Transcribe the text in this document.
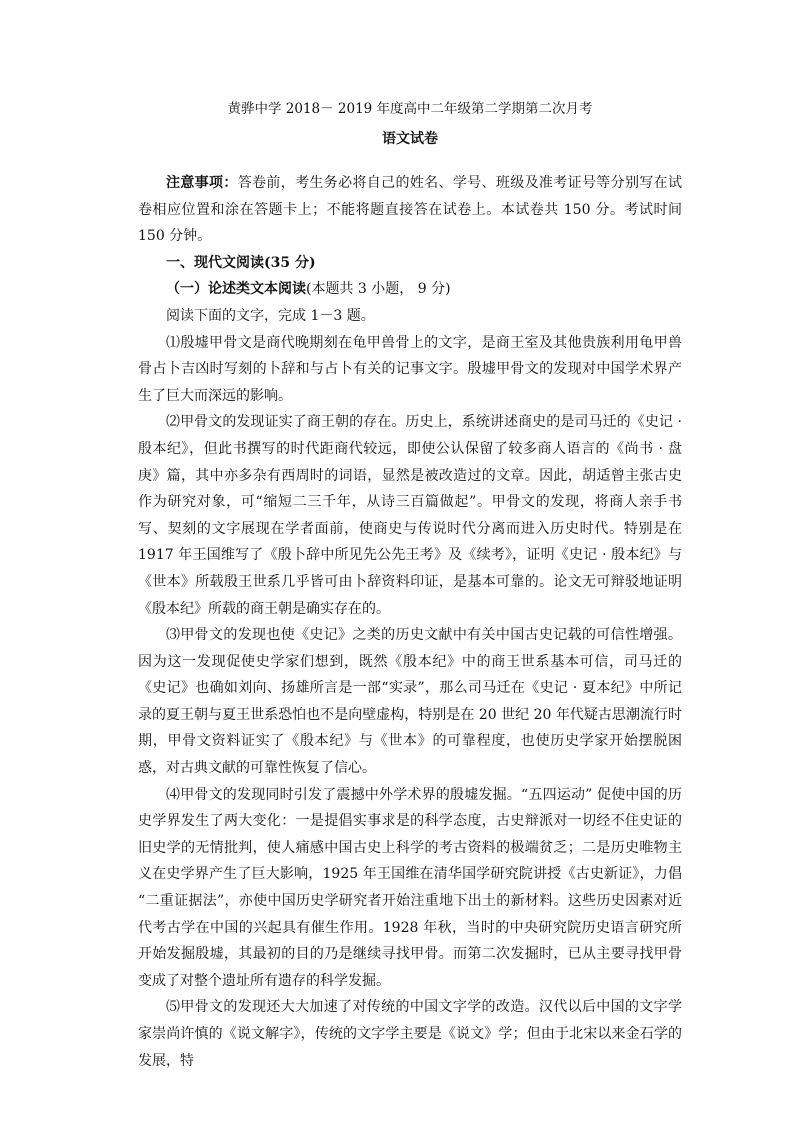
黄骅中学 2018－ 2019 年度高中二年级第二学期第二次月考
语文试卷

注意事项：答卷前，考生务必将自己的姓名、学号、班级及准考证号等分别写在试卷相应位置和涂在答题卡上；不能将题直接答在试卷上。本试卷共 150 分。考试时间 150 分钟。

一、现代文阅读(35 分)

（一）论述类文本阅读(本题共 3 小题， 9 分)

阅读下面的文字，完成 1－3 题。

⑴殷墟甲骨文是商代晚期刻在龟甲兽骨上的文字，是商王室及其他贵族利用龟甲兽骨占卜吉凶时写刻的卜辞和与占卜有关的记事文字。殷墟甲骨文的发现对中国学术界产生了巨大而深远的影响。

⑵甲骨文的发现证实了商王朝的存在。历史上，系统讲述商史的是司马迁的《史记 · 殷本纪》，但此书撰写的时代距商代较远，即使公认保留了较多商人语言的《尚书 · 盘庚》篇，其中亦多杂有西周时的词语，显然是被改造过的文章。因此，胡适曾主张古史作为研究对象，可“缩短二三千年，从诗三百篇做起”。甲骨文的发现，将商人亲手书写、契刻的文字展现在学者面前，使商史与传说时代分离而进入历史时代。特别是在 1917 年王国维写了《殷卜辞中所见先公先王考》及《续考》，证明《史记 · 殷本纪》与《世本》所载殷王世系几乎皆可由卜辞资料印证，是基本可靠的。论文无可辩驳地证明《殷本纪》所载的商王朝是确实存在的。

⑶甲骨文的发现也使《史记》之类的历史文献中有关中国古史记载的可信性增强。因为这一发现促使史学家们想到，既然《殷本纪》中的商王世系基本可信，司马迁的《史记》也确如刘向、扬雄所言是一部“实录”，那么司马迁在《史记 · 夏本纪》中所记录的夏王朝与夏王世系恐怕也不是向壁虚构，特别是在 20 世纪 20 年代疑古思潮流行时期，甲骨文资料证实了《殷本纪》与《世本》的可靠程度，也使历史学家开始摆脱困惑，对古典文献的可靠性恢复了信心。

⑷甲骨文的发现同时引发了震撼中外学术界的殷墟发掘。“五四运动” 促使中国的历史学界发生了两大变化：一是提倡实事求是的科学态度，古史辩派对一切经不住史证的旧史学的无情批判，使人痛感中国古史上科学的考古资料的极端贫乏；二是历史唯物主义在史学界产生了巨大影响，1925 年王国维在清华国学研究院讲授《古史新证》，力倡 “二重证据法”，亦使中国历史学研究者开始注重地下出土的新材料。这些历史因素对近代考古学在中国的兴起具有催生作用。1928 年秋，当时的中央研究院历史语言研究所开始发掘殷墟，其最初的目的乃是继续寻找甲骨。而第二次发掘时，已从主要寻找甲骨变成了对整个遗址所有遗存的科学发掘。

⑸甲骨文的发现还大大加速了对传统的中国文字学的改造。汉代以后中国的文字学家崇尚许慎的《说文解字》，传统的文字学主要是《说文》学；但由于北宋以来金石学的发展，特
